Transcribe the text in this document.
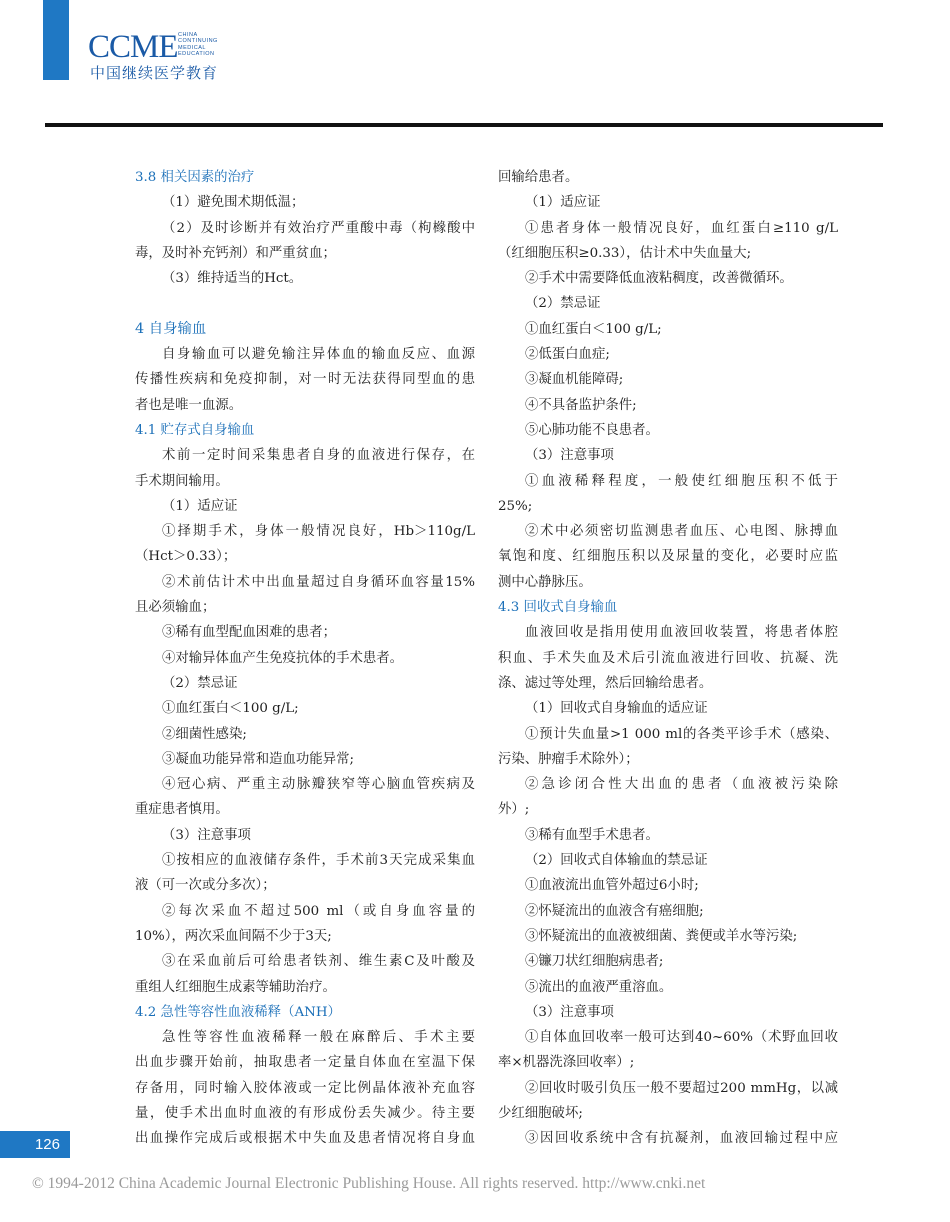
CCME CHINA
CONTINUING
MEDICAL
EDUCATION
中国继续医学教育
3.8 相关因素的治疗
（1）避免围术期低温；
（2）及时诊断并有效治疗严重酸中毒（枸橼酸中
毒，及时补充钙剂）和严重贫血；
（3）维持适当的Hct。
4 自身输血
自身输血可以避免输注异体血的输血反应、血源
传播性疾病和免疫抑制，对一时无法获得同型血的患
者也是唯一血源。
4.1 贮存式自身输血
术前一定时间采集患者自身的血液进行保存，在
手术期间输用。
（1）适应证
①择期手术，身体一般情况良好，Hb＞110g/L
（Hct＞0.33）；
②术前估计术中出血量超过自身循环血容量15%
且必须输血；
③稀有血型配血困难的患者；
④对输异体血产生免疫抗体的手术患者。
（2）禁忌证
①血红蛋白＜100 g/L;
②细菌性感染;
③凝血功能异常和造血功能异常;
④冠心病、严重主动脉瓣狭窄等心脑血管疾病及
重症患者慎用。
（3）注意事项
①按相应的血液储存条件，手术前3天完成采集血
液（可一次或分多次）；
②每次采血不超过500 ml（或自身血容量的
10%），两次采血间隔不少于3天;
③在采血前后可给患者铁剂、维生素C及叶酸及
重组人红细胞生成素等辅助治疗。
4.2 急性等容性血液稀释（ANH）
急性等容性血液稀释一般在麻醉后、手术主要
出血步骤开始前，抽取患者一定量自体血在室温下保
存备用，同时输入胶体液或一定比例晶体液补充血容
量，使手术出血时血液的有形成份丢失减少。待主要
出血操作完成后或根据术中失血及患者情况将自身血
回输给患者。
（1）适应证
①患者身体一般情况良好，血红蛋白≥110 g/L
（红细胞压积≥0.33），估计术中失血量大;
②手术中需要降低血液粘稠度，改善微循环。
（2）禁忌证
①血红蛋白＜100 g/L;
②低蛋白血症;
③凝血机能障碍;
④不具备监护条件;
⑤心肺功能不良患者。
（3）注意事项
①血液稀释程度，一般使红细胞压积不低于
25%;
②术中必须密切监测患者血压、心电图、脉搏血
氧饱和度、红细胞压积以及尿量的变化，必要时应监
测中心静脉压。
4.3 回收式自身输血
血液回收是指用使用血液回收装置，将患者体腔
积血、手术失血及术后引流血液进行回收、抗凝、洗
涤、滤过等处理，然后回输给患者。
（1）回收式自身输血的适应证
①预计失血量>1 000 ml的各类平诊手术（感染、
污染、肿瘤手术除外）；
②急诊闭合性大出血的患者（血液被污染除
外）;
③稀有血型手术患者。
（2）回收式自体输血的禁忌证
①血液流出血管外超过6小时;
②怀疑流出的血液含有癌细胞;
③怀疑流出的血液被细菌、粪便或羊水等污染;
④镰刀状红细胞病患者;
⑤流出的血液严重溶血。
（3）注意事项
①自体血回收率一般可达到40~60%（术野血回收
率×机器洗涤回收率）;
②回收时吸引负压一般不要超过200 mmHg，以减
少红细胞破坏;
③因回收系统中含有抗凝剂，血液回输过程中应
126
© 1994-2012 China Academic Journal Electronic Publishing House. All rights reserved. http://www.cnki.net
